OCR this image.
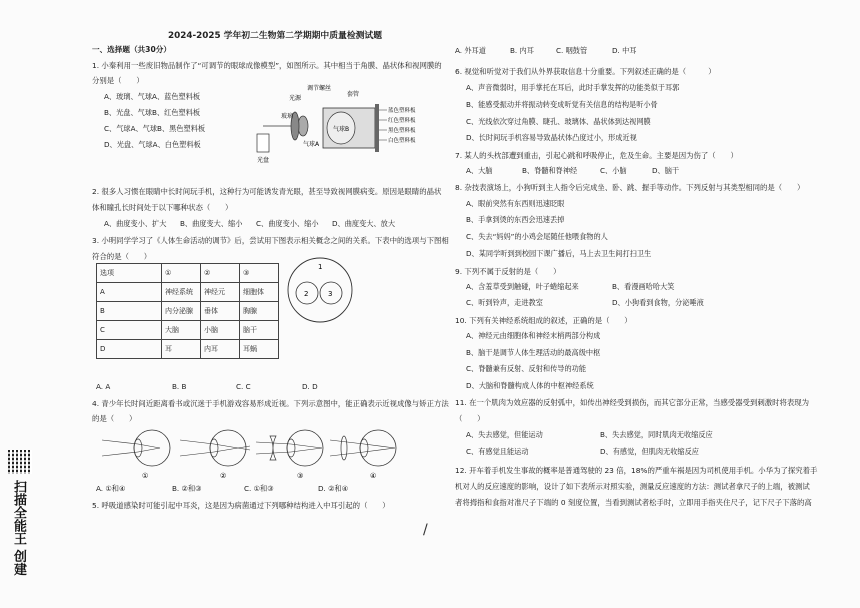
2024-2025 学年初二生物第二学期期中质量检测试题
一、选择题（共30分）
1. 小秦利用一些废旧物品制作了“可调节的眼球成像模型”，如图所示。其中相当于角膜、晶状体和视网膜的
分别是（　　）
A、玻璃、气球A、蓝色塑料板
B、光盘、气球B、红色塑料板
C、气球A、气球B、黑色塑料板
D、光盘、气球A、白色塑料板
玻璃
光源
光盘
调节螺丝
套管
气球A
气球B
蓝色塑料板
红色塑料板
黑色塑料板
白色塑料板
2. 很多人习惯在眼睛中长时间玩手机，这种行为可能诱发青光眼，甚至导致视网膜病变。原因是眼睛的晶状
体和瞳孔长时间处于以下哪种状态（　　）
A、曲度变小、扩大 B、曲度变大、缩小 C、曲度变小、缩小 D、曲度变大、放大
3. 小明同学学习了《人体生命活动的调节》后，尝试用下图表示相关概念之间的关系。下表中的选项与下图相
符合的是（　　）
选项	①	②	③
A	神经系统	神经元	细胞体
B	内分泌腺	垂体	胸腺
C	大脑	小脑	脑干
D	耳	内耳	耳蜗
1
2	3
A. A	B. B	C. C	D. D
4. 青少年长时间近距离看书或沉迷于手机游戏容易形成近视。下列示意图中，能正确表示近视成像与矫正方法
的是（　　）
①	②	③	④
A. ①和④	B. ②和③	C. ①和③	D. ②和④
5. 呼吸道感染时可能引起中耳炎，这是因为病菌通过下列哪种结构进入中耳引起的（　　）
/
A. 外耳道	B. 内耳	C. 咽鼓管	D. 中耳
6. 视觉和听觉对于我们从外界获取信息十分重要。下列叙述正确的是（　　　）
A、声音微弱时，用手掌托在耳后，此时手掌发挥的功能类似于耳郭
B、能感受振动并将振动转变成听觉有关信息的结构是听小骨
C、光线依次穿过角膜、睫孔、玻璃体、晶状体到达视网膜
D、长时间玩手机容易导致晶状体凸度过小，形成近视
7. 某人的头枕部遭到重击，引起心跳和呼吸停止，危及生命。主要是因为伤了（　　）
A、大脑	B、脊髓和脊神经	C、小脑	D、脑干
8. 杂技表演场上，小狗听到主人指令后完成坐、卧、跳、握手等动作。下列反射与其类型相同的是（　　）
A、眼前突然有东西则迅速眨眼
B、手拿到烫的东西会迅速丢掉
C、失去“妈妈”的小鸡会尾随任他喂食物的人
D、某同学听到到校园下课广播后，马上去卫生间打扫卫生
9. 下列不属于反射的是（　　）
A、含羞草受到触碰，叶子蜷缩起来	B、看漫画哈哈大笑
C、听到铃声，走进教室	D、小狗看到食物，分泌唾液
10. 下列有关神经系统组成的叙述，正确的是（　　）
A、神经元由细胞体和神经末梢两部分构成
B、脑干是调节人体生理活动的最高级中枢
C、脊髓兼有反射、反射和传导的功能
D、大脑和脊髓构成人体的中枢神经系统
11. 在一个肌肉为效应器的反射弧中，如传出神经受到损伤，而其它部分正常，当感受器受到刺激时将表现为
（　　）
A、失去感觉，但能运动	B、失去感觉，同时肌肉无收缩反应
C、有感觉且能运动	D、有感觉，但肌肉无收缩反应
12. 开车着手机发生事故的概率是普通驾驶的 23 倍，18%的严重车祸是因为司机使用手机。小华为了探究着手
机对人的反应速度的影响，设计了如下表所示对照实验，测量反应速度的方法：测试者拿尺子的上端，被测试
者将拇指和食指对准尺子下端的 0 刻度位置，当看到测试者松手时，立即用手指夹住尺子，记下尺子下落的高
扫描全能王 创建
